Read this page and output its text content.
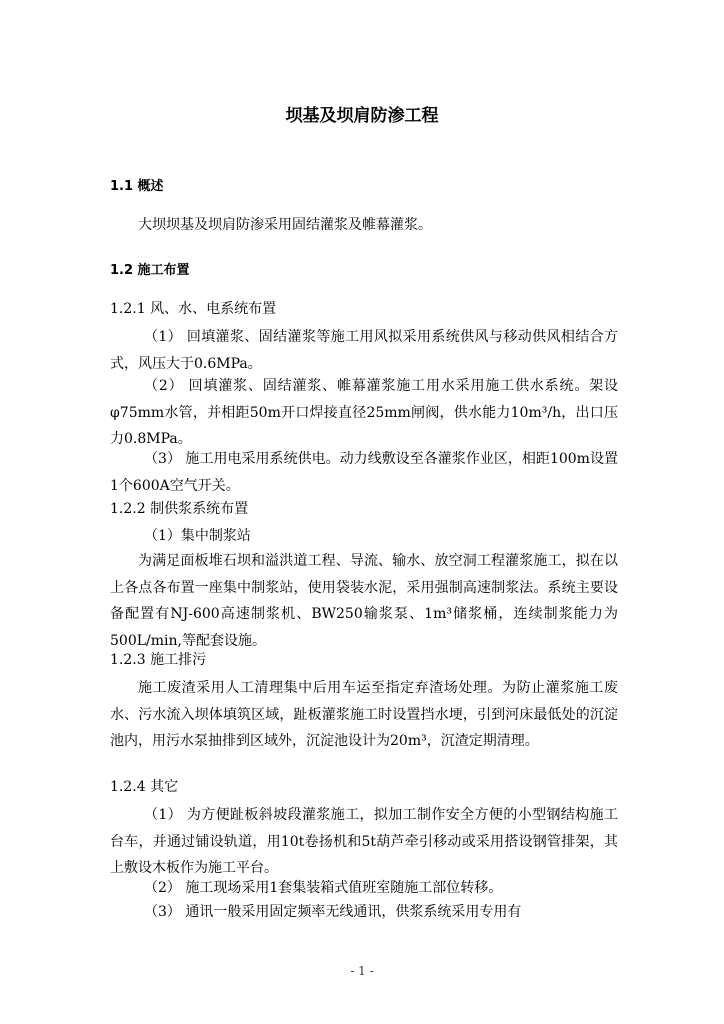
坝基及坝肩防渗工程
1.1 概述

大坝坝基及坝肩防渗采用固结灌浆及帷幕灌浆。

1.2 施工布置
1.2.1 风、水、电系统布置

（1） 回填灌浆、固结灌浆等施工用风拟采用系统供风与移动供风相结合方式，风压大于0.6MPa。

（2） 回填灌浆、固结灌浆、帷幕灌浆施工用水采用施工供水系统。架设 φ75mm水管，并相距50m开口焊接直径25mm闸阀，供水能力10m³/h，出口压力0.8MPa。

（3） 施工用电采用系统供电。动力线敷设至各灌浆作业区，相距100m设置1个600A空气开关。

1.2.2 制供浆系统布置

（1）集中制浆站

为满足面板堆石坝和溢洪道工程、导流、输水、放空洞工程灌浆施工，拟在以上各点各布置一座集中制浆站，使用袋装水泥，采用强制高速制浆法。系统主要设备配置有NJ-600高速制浆机、BW250输浆泵、1m³储浆桶，连续制浆能力为500L/min,等配套设施。

1.2.3 施工排污

施工废渣采用人工清理集中后用车运至指定弃渣场处理。为防止灌浆施工废水、污水流入坝体填筑区域，趾板灌浆施工时设置挡水埂，引到河床最低处的沉淀池内，用污水泵抽排到区域外，沉淀池设计为20m³，沉渣定期清理。

1.2.4 其它

（1） 为方便趾板斜坡段灌浆施工，拟加工制作安全方便的小型钢结构施工台车，并通过铺设轨道，用10t卷扬机和5t葫芦牵引移动或采用搭设钢管排架，其上敷设木板作为施工平台。

（2） 施工现场采用1套集装箱式值班室随施工部位转移。

（3） 通讯一般采用固定频率无线通讯，供浆系统采用专用有

- 1 -
